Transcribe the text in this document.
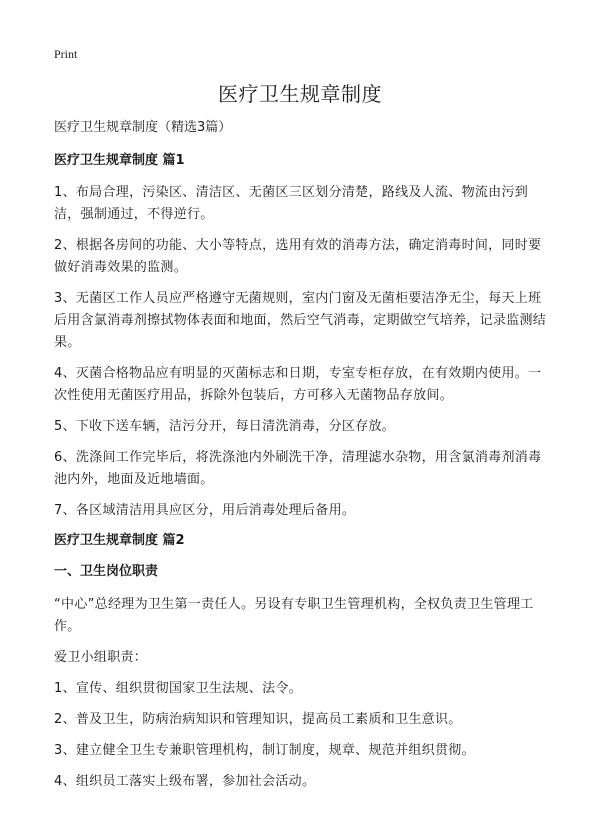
Print
医疗卫生规章制度

医疗卫生规章制度（精选3篇）

医疗卫生规章制度 篇1

1、布局合理，污染区、清洁区、无菌区三区划分清楚，路线及人流、物流由污到洁，强制通过，不得逆行。

2、根据各房间的功能、大小等特点，选用有效的消毒方法，确定消毒时间，同时要做好消毒效果的监测。

3、无菌区工作人员应严格遵守无菌规则，室内门窗及无菌柜要洁净无尘，每天上班后用含氯消毒剂擦拭物体表面和地面，然后空气消毒，定期做空气培养，记录监测结果。

4、灭菌合格物品应有明显的灭菌标志和日期，专室专柜存放，在有效期内使用。一次性使用无菌医疗用品，拆除外包装后，方可移入无菌物品存放间。

5、下收下送车辆，洁污分开，每日清洗消毒，分区存放。

6、洗涤间工作完毕后，将洗涤池内外刷洗干净，清理滤水杂物，用含氯消毒剂消毒池内外，地面及近地墙面。

7、各区域清洁用具应区分，用后消毒处理后备用。

医疗卫生规章制度 篇2

一、卫生岗位职责

“中心”总经理为卫生第一责任人。另设有专职卫生管理机构，全权负责卫生管理工作。

爱卫小组职责：

1、宣传、组织贯彻国家卫生法规、法令。

2、普及卫生，防病治病知识和管理知识，提高员工素质和卫生意识。

3、建立健全卫生专兼职管理机构，制订制度，规章、规范并组织贯彻。

4、组织员工落实上级布署，参加社会活动。
